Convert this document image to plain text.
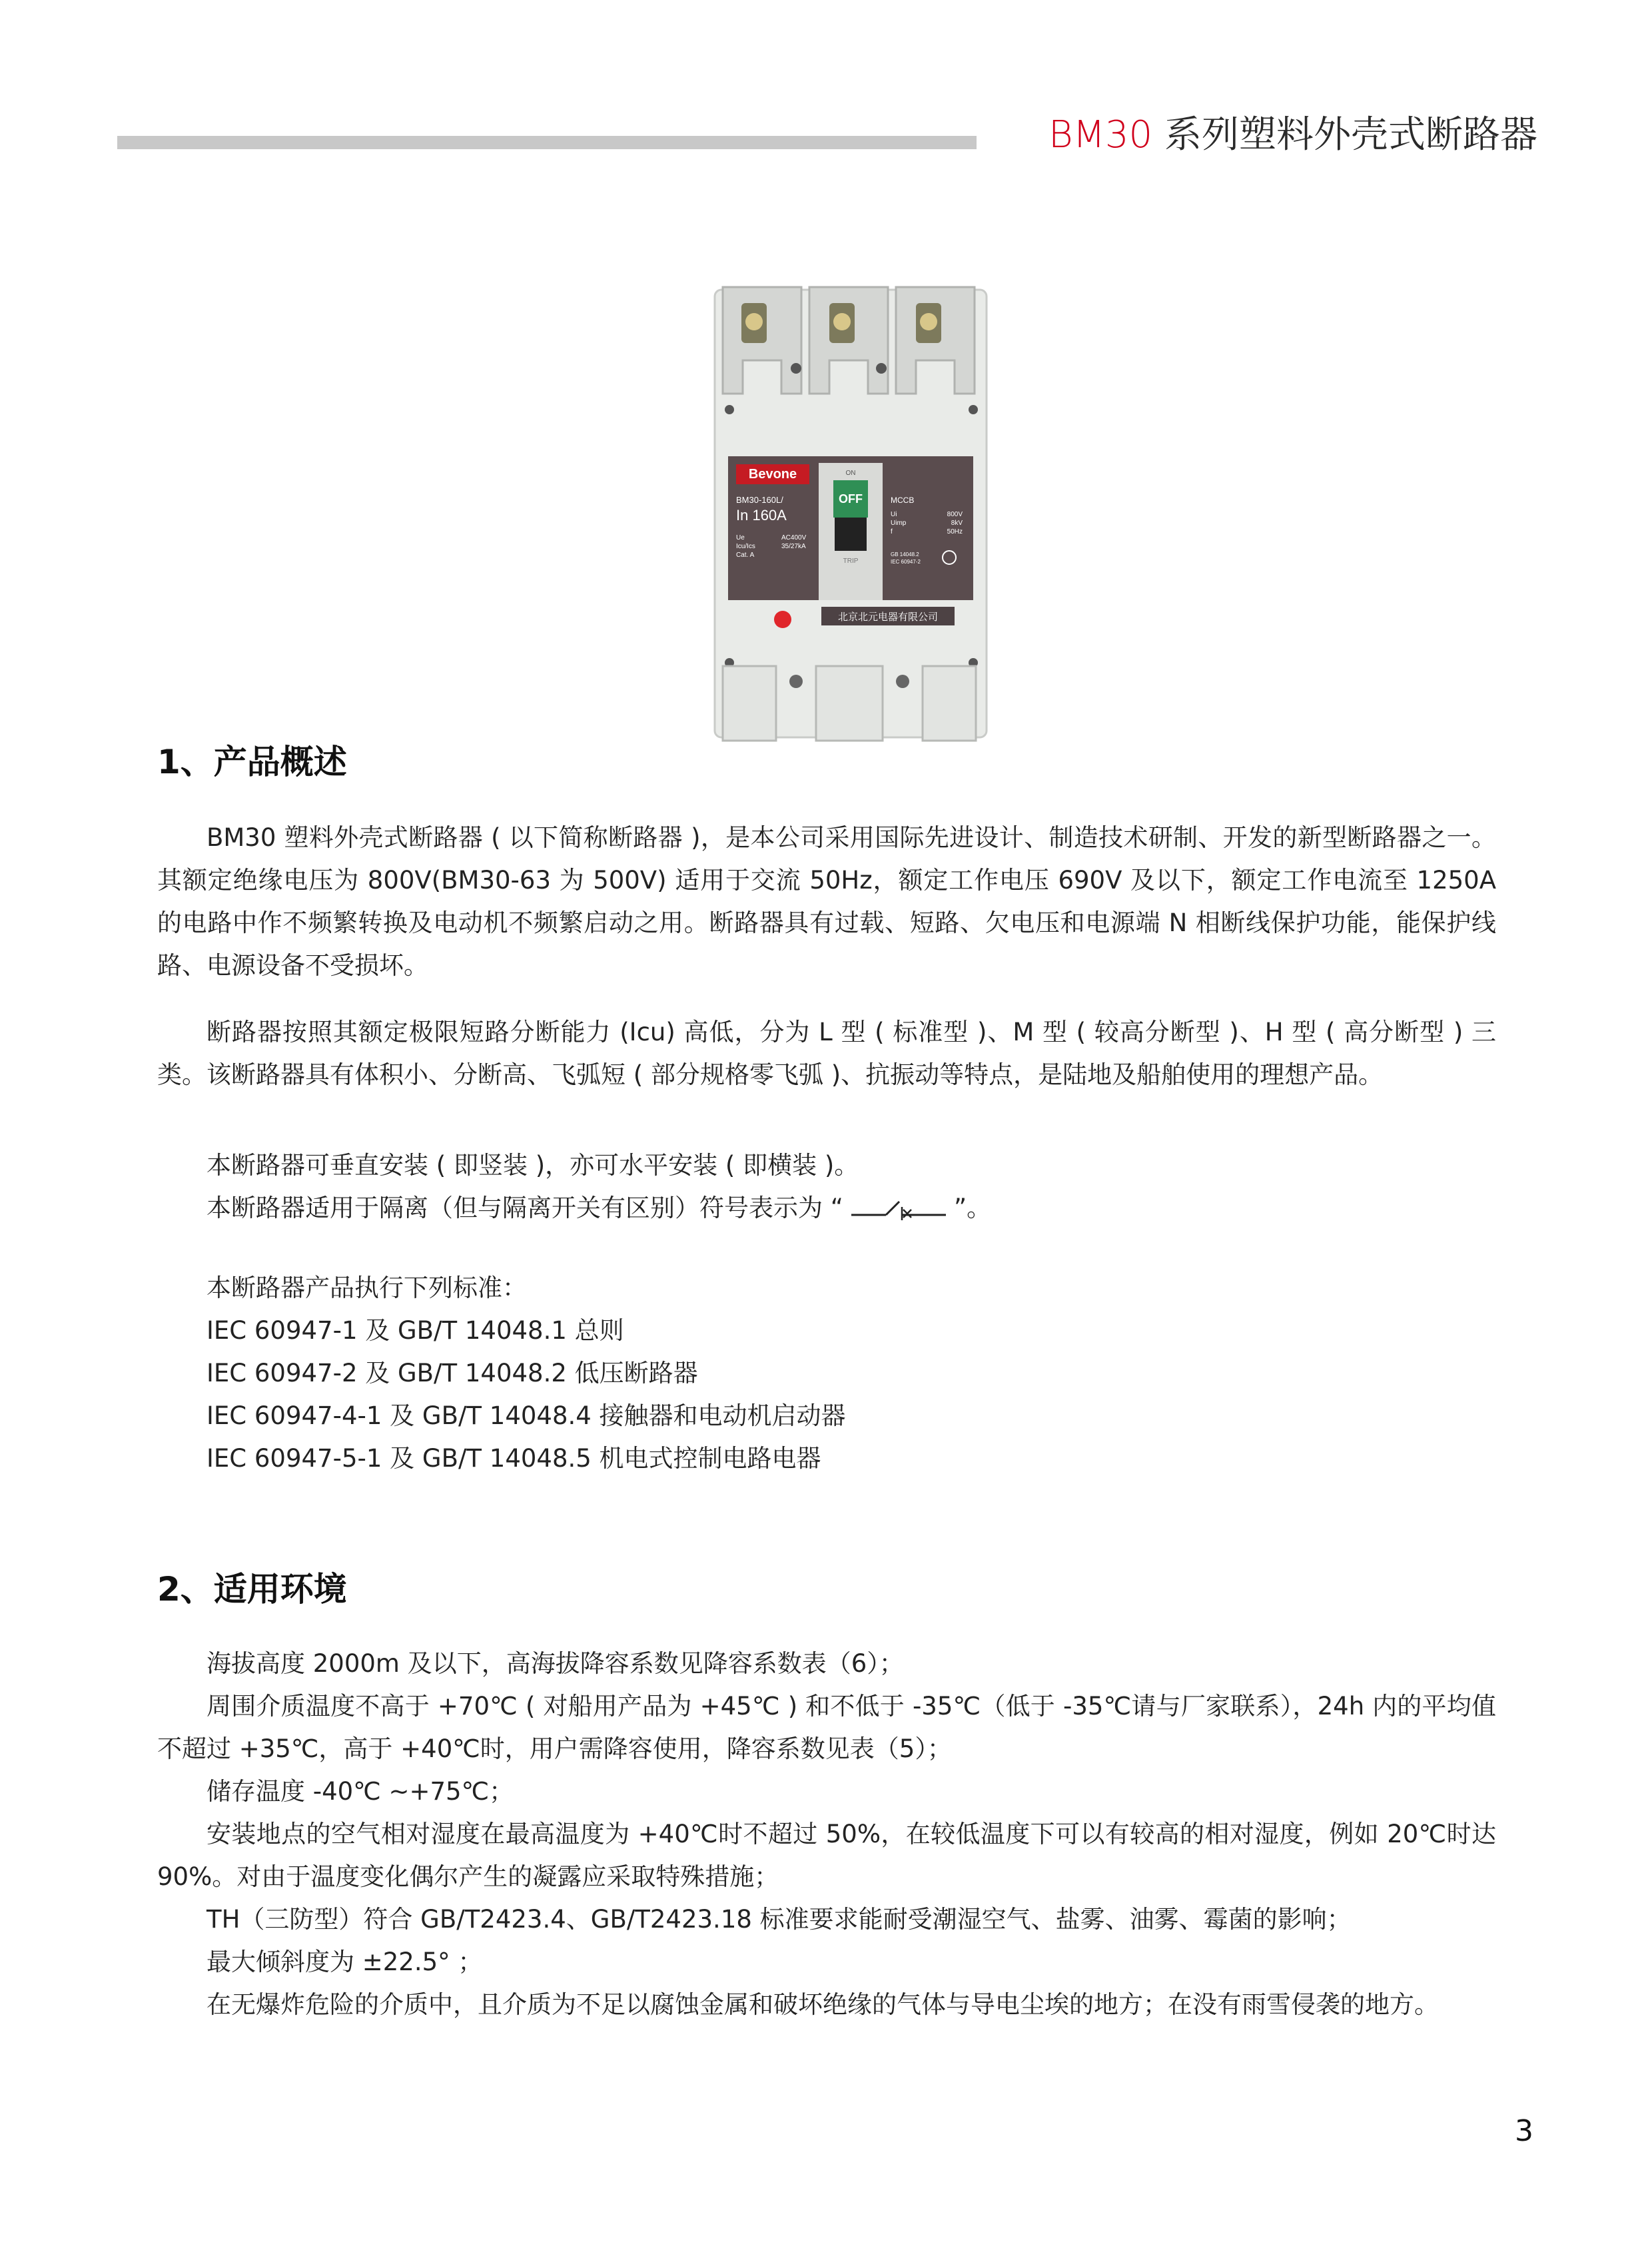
BM30 系列塑料外壳式断路器
Bevone
BM30-160L/
In 160A
Ue
Icu/Ics
Cat. A
AC400V
35/27kA
ON
OFF
TRIP
MCCB
Ui
Uimp
f
800V
8kV
50Hz
GB 14048.2
IEC 60947-2
北京北元电器有限公司
1、产品概述
BM30 塑料外壳式断路器 ( 以下简称断路器 )，是本公司采用国际先进设计、制造技术研制、开发的新型断路器之一。其额定绝缘电压为 800V(BM30-63 为 500V) 适用于交流 50Hz，额定工作电压 690V 及以下，额定工作电流至 1250A 的电路中作不频繁转换及电动机不频繁启动之用。断路器具有过载、短路、欠电压和电源端 N 相断线保护功能，能保护线路、电源设备不受损坏。
断路器按照其额定极限短路分断能力 (Icu) 高低，分为 L 型 ( 标准型 )、M 型 ( 较高分断型 )、H 型 ( 高分断型 ) 三类。该断路器具有体积小、分断高、飞弧短 ( 部分规格零飞弧 )、抗振动等特点，是陆地及船舶使用的理想产品。
本断路器可垂直安装 ( 即竖装 )，亦可水平安装 ( 即横装 )。
本断路器适用于隔离（但与隔离开关有区别）符号表示为 “	”。
本断路器产品执行下列标准：
IEC 60947-1 及 GB/T 14048.1 总则
IEC 60947-2 及 GB/T 14048.2 低压断路器
IEC 60947-4-1 及 GB/T 14048.4 接触器和电动机启动器
IEC 60947-5-1 及 GB/T 14048.5 机电式控制电路电器
2、适用环境
海拔高度 2000m 及以下，高海拔降容系数见降容系数表（6）；
周围介质温度不高于 +70℃ ( 对船用产品为 +45℃ ) 和不低于 -35℃（低于 -35℃请与厂家联系），24h 内的平均值不超过 +35℃，高于 +40℃时，用户需降容使用，降容系数见表（5）；
储存温度 -40℃ ~+75℃；
安装地点的空气相对湿度在最高温度为 +40℃时不超过 50%，在较低温度下可以有较高的相对湿度，例如 20℃时达 90%。对由于温度变化偶尔产生的凝露应采取特殊措施；
TH（三防型）符合 GB/T2423.4、GB/T2423.18 标准要求能耐受潮湿空气、盐雾、油雾、霉菌的影响；
最大倾斜度为 ±22.5° ；
在无爆炸危险的介质中，且介质为不足以腐蚀金属和破坏绝缘的气体与导电尘埃的地方；在没有雨雪侵袭的地方。
3
